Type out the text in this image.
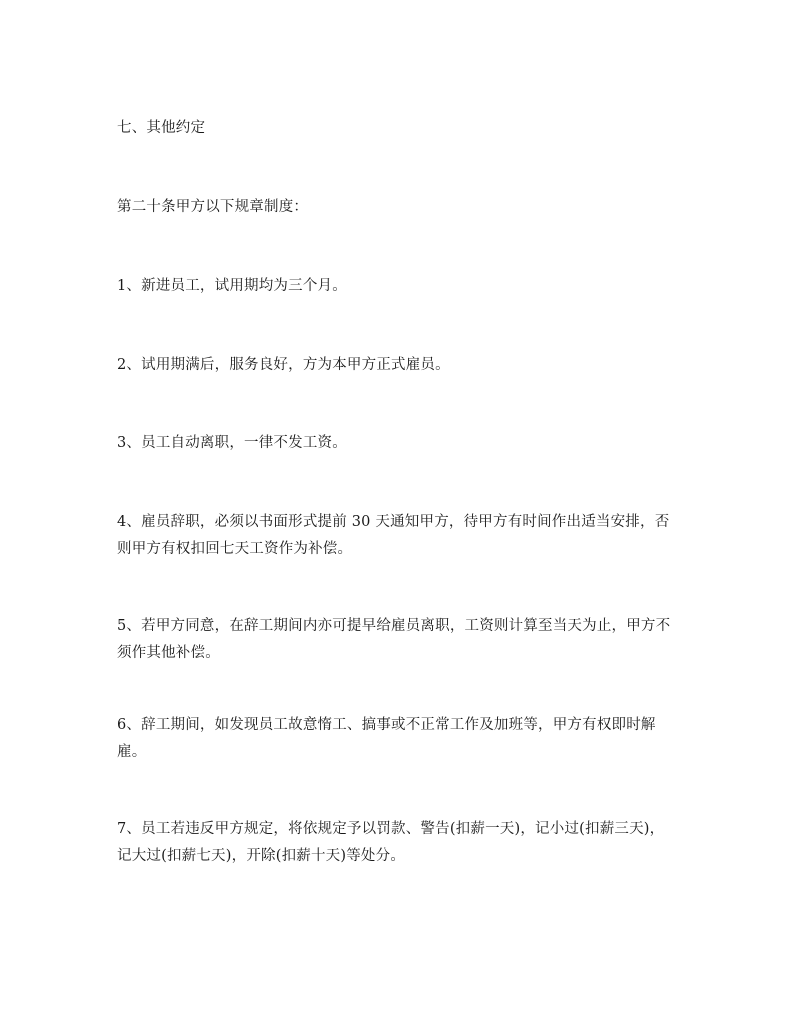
七、其他约定

第二十条甲方以下规章制度：

1、新进员工，试用期均为三个月。

2、试用期满后，服务良好，方为本甲方正式雇员。

3、员工自动离职，一律不发工资。

4、雇员辞职，必须以书面形式提前 30 天通知甲方，待甲方有时间作出适当安排，否则甲方有权扣回七天工资作为补偿。

5、若甲方同意，在辞工期间内亦可提早给雇员离职，工资则计算至当天为止，甲方不须作其他补偿。

6、辞工期间，如发现员工故意惰工、搞事或不正常工作及加班等，甲方有权即时解雇。

7、员工若违反甲方规定，将依规定予以罚款、警告(扣薪一天)，记小过(扣薪三天)，记大过(扣薪七天)，开除(扣薪十天)等处分。
